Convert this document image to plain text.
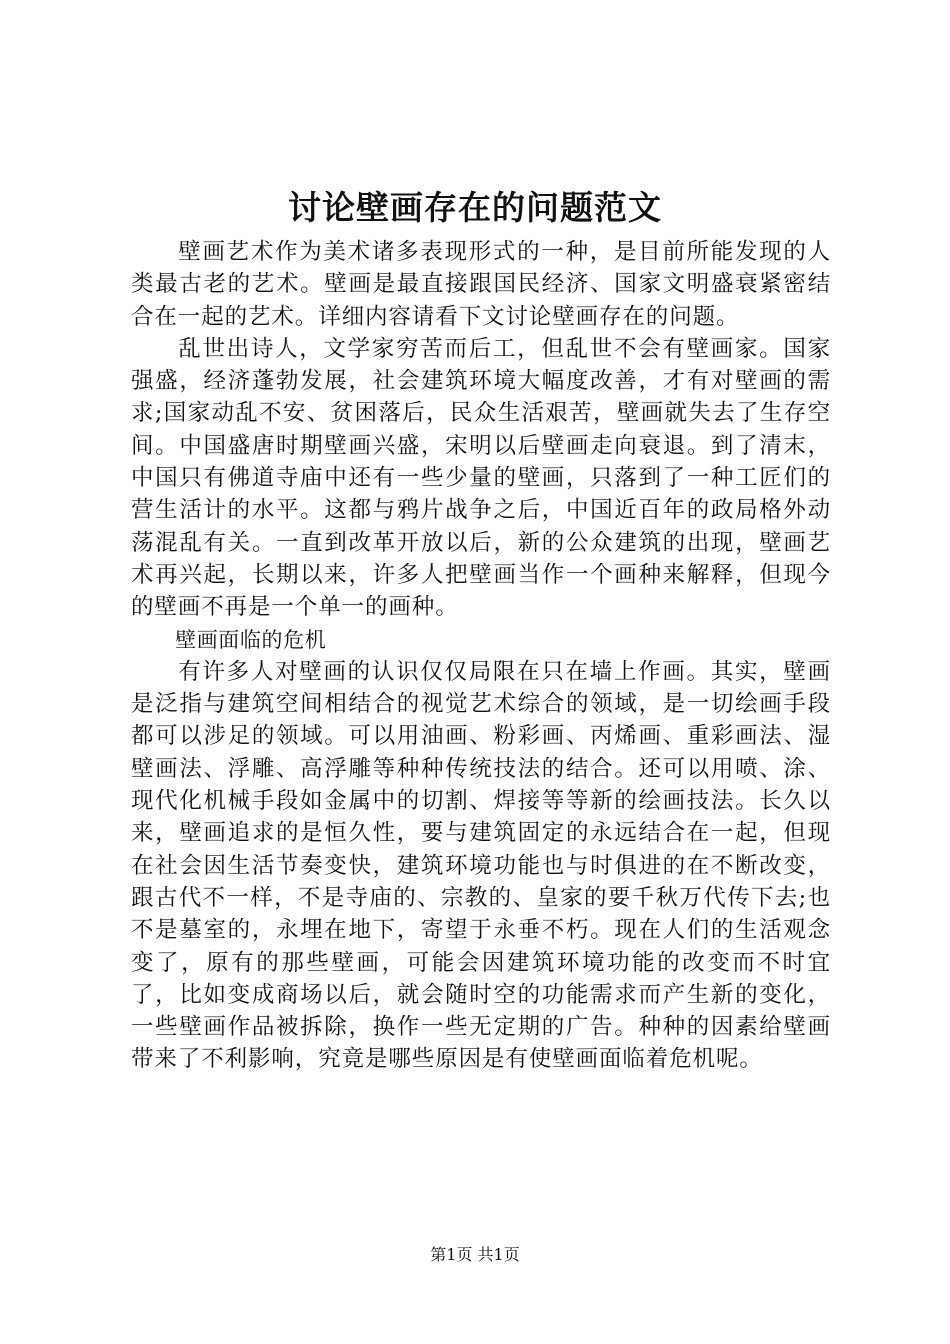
讨论壁画存在的问题范文

壁画艺术作为美术诸多表现形式的一种，是目前所能发现的人类最古老的艺术。壁画是最直接跟国民经济、国家文明盛衰紧密结合在一起的艺术。详细内容请看下文讨论壁画存在的问题。

乱世出诗人，文学家穷苦而后工，但乱世不会有壁画家。国家强盛，经济蓬勃发展，社会建筑环境大幅度改善，才有对壁画的需求;国家动乱不安、贫困落后，民众生活艰苦，壁画就失去了生存空间。中国盛唐时期壁画兴盛，宋明以后壁画走向衰退。到了清末，中国只有佛道寺庙中还有一些少量的壁画，只落到了一种工匠们的营生活计的水平。这都与鸦片战争之后，中国近百年的政局格外动荡混乱有关。一直到改革开放以后，新的公众建筑的出现，壁画艺术再兴起，长期以来，许多人把壁画当作一个画种来解释，但现今的壁画不再是一个单一的画种。

壁画面临的危机

有许多人对壁画的认识仅仅局限在只在墙上作画。其实，壁画是泛指与建筑空间相结合的视觉艺术综合的领域，是一切绘画手段都可以涉足的领域。可以用油画、粉彩画、丙烯画、重彩画法、湿壁画法、浮雕、高浮雕等种种传统技法的结合。还可以用喷、涂、现代化机械手段如金属中的切割、焊接等等新的绘画技法。长久以来，壁画追求的是恒久性，要与建筑固定的永远结合在一起，但现在社会因生活节奏变快，建筑环境功能也与时俱进的在不断改变，跟古代不一样，不是寺庙的、宗教的、皇家的要千秋万代传下去;也不是墓室的，永埋在地下，寄望于永垂不朽。现在人们的生活观念变了，原有的那些壁画，可能会因建筑环境功能的改变而不时宜了，比如变成商场以后，就会随时空的功能需求而产生新的变化，一些壁画作品被拆除，换作一些无定期的广告。种种的因素给壁画带来了不利影响，究竟是哪些原因是有使壁画面临着危机呢。

第1页 共1页
